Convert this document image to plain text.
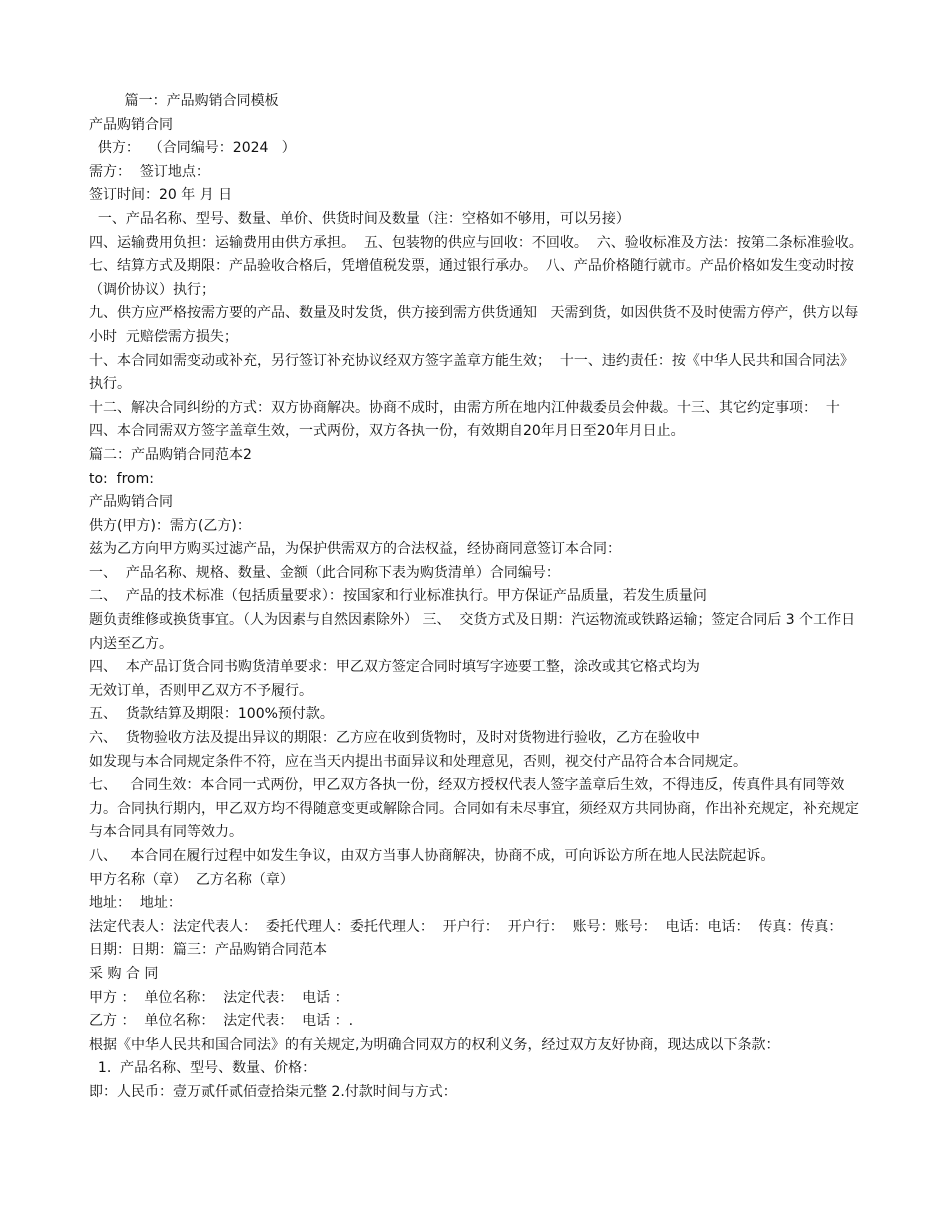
篇一：产品购销合同模板
产品购销合同
供方：  （合同编号：2024   ）
需方：  签订地点：
签订时间：20 年 月 日
一、产品名称、型号、数量、单价、供货时间及数量（注：空格如不够用，可以另接）
四、运输费用负担：运输费用由供方承担。  五、包装物的供应与回收：不回收。  六、验收标准及方法：按第二条标准验收。
七、结算方式及期限：产品验收合格后，凭增值税发票，通过银行承办。  八、产品价格随行就市。产品价格如发生变动时按（调价协议）执行；
九、供方应严格按需方要的产品、数量及时发货，供方接到需方供货通知   天需到货，如因供货不及时使需方停产，供方以每小时  元赔偿需方损失；
十、本合同如需变动或补充，另行签订补充协议经双方签字盖章方能生效；  十一、违约责任：按《中华人民共和国合同法》执行。
十二、解决合同纠纷的方式：双方协商解决。协商不成时，由需方所在地内江仲裁委员会仲裁。十三、其它约定事项：  十四、本合同需双方签字盖章生效，一式两份，双方各执一份，有效期自20年月日至20年月日止。
篇二：产品购销合同范本2
to:  from:
产品购销合同
供方(甲方)：需方(乙方)：
兹为乙方向甲方购买过滤产品，为保护供需双方的合法权益，经协商同意签订本合同：
一、  产品名称、规格、数量、金额（此合同称下表为购货清单）合同编号：
二、  产品的技术标准（包括质量要求）：按国家和行业标准执行。甲方保证产品质量，若发生质量问
题负责维修或换货事宜。（人为因素与自然因素除外） 三、  交货方式及日期：汽运物流或铁路运输；签定合同后 3 个工作日内送至乙方。
四、  本产品订货合同书购货清单要求：甲乙双方签定合同时填写字迹要工整，涂改或其它格式均为
无效订单，否则甲乙双方不予履行。
五、  货款结算及期限：100%预付款。
六、  货物验收方法及提出异议的期限：乙方应在收到货物时，及时对货物进行验收，乙方在验收中
如发现与本合同规定条件不符，应在当天内提出书面异议和处理意见，否则，视交付产品符合本合同规定。
七、   合同生效：本合同一式两份，甲乙双方各执一份，经双方授权代表人签字盖章后生效，不得违反，传真件具有同等效力。合同执行期内，甲乙双方均不得随意变更或解除合同。合同如有未尽事宜，须经双方共同协商，作出补充规定，补充规定与本合同具有同等效力。
八、   本合同在履行过程中如发生争议，由双方当事人协商解决，协商不成，可向诉讼方所在地人民法院起诉。
甲方名称（章）  乙方名称（章）
地址：  地址：
法定代表人：法定代表人：  委托代理人：委托代理人：  开户行：  开户行：  账号：账号：  电话：电话：  传真：传真：  日期：日期：篇三：产品购销合同范本
采 购 合 同
甲方 ：  单位名称：  法定代表：  电话 ：
乙方 ：  单位名称：  法定代表：  电话 ：.
根据《中华人民共和国合同法》的有关规定,为明确合同双方的权利义务，经过双方友好协商，现达成以下条款：
1.  产品名称、型号、数量、价格：
即：人民币：壹万贰仟贰佰壹拾柒元整 2.付款时间与方式：
